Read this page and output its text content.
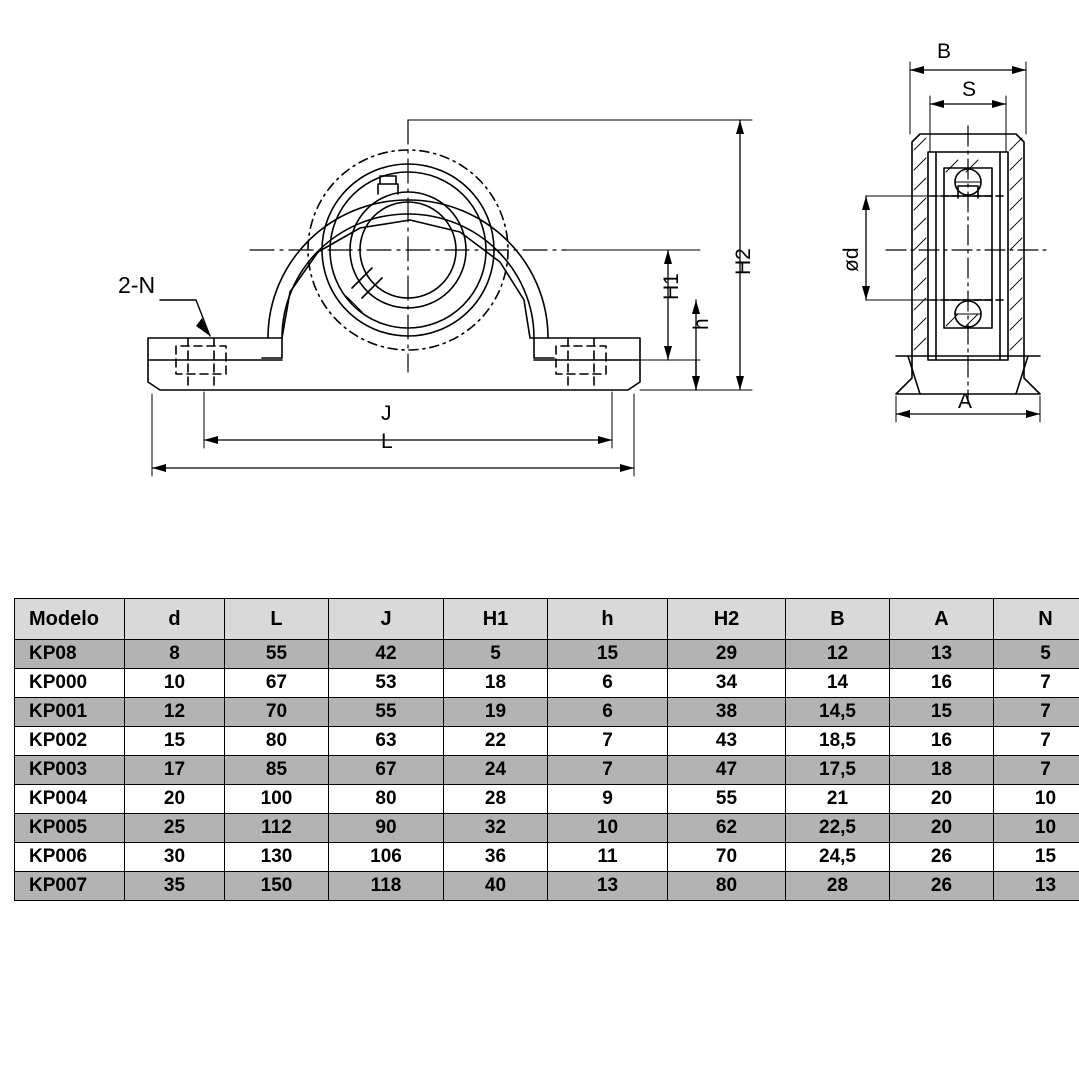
2-N
J
L
H1
h
H2
B
S
ød
A
Modelo	d	L	J	H1	h	H2	B	A	N
KP08	8	55	42	5	15	29	12	13	5
KP000	10	67	53	18	6	34	14	16	7
KP001	12	70	55	19	6	38	14,5	15	7
KP002	15	80	63	22	7	43	18,5	16	7
KP003	17	85	67	24	7	47	17,5	18	7
KP004	20	100	80	28	9	55	21	20	10
KP005	25	112	90	32	10	62	22,5	20	10
KP006	30	130	106	36	11	70	24,5	26	15
KP007	35	150	118	40	13	80	28	26	13
